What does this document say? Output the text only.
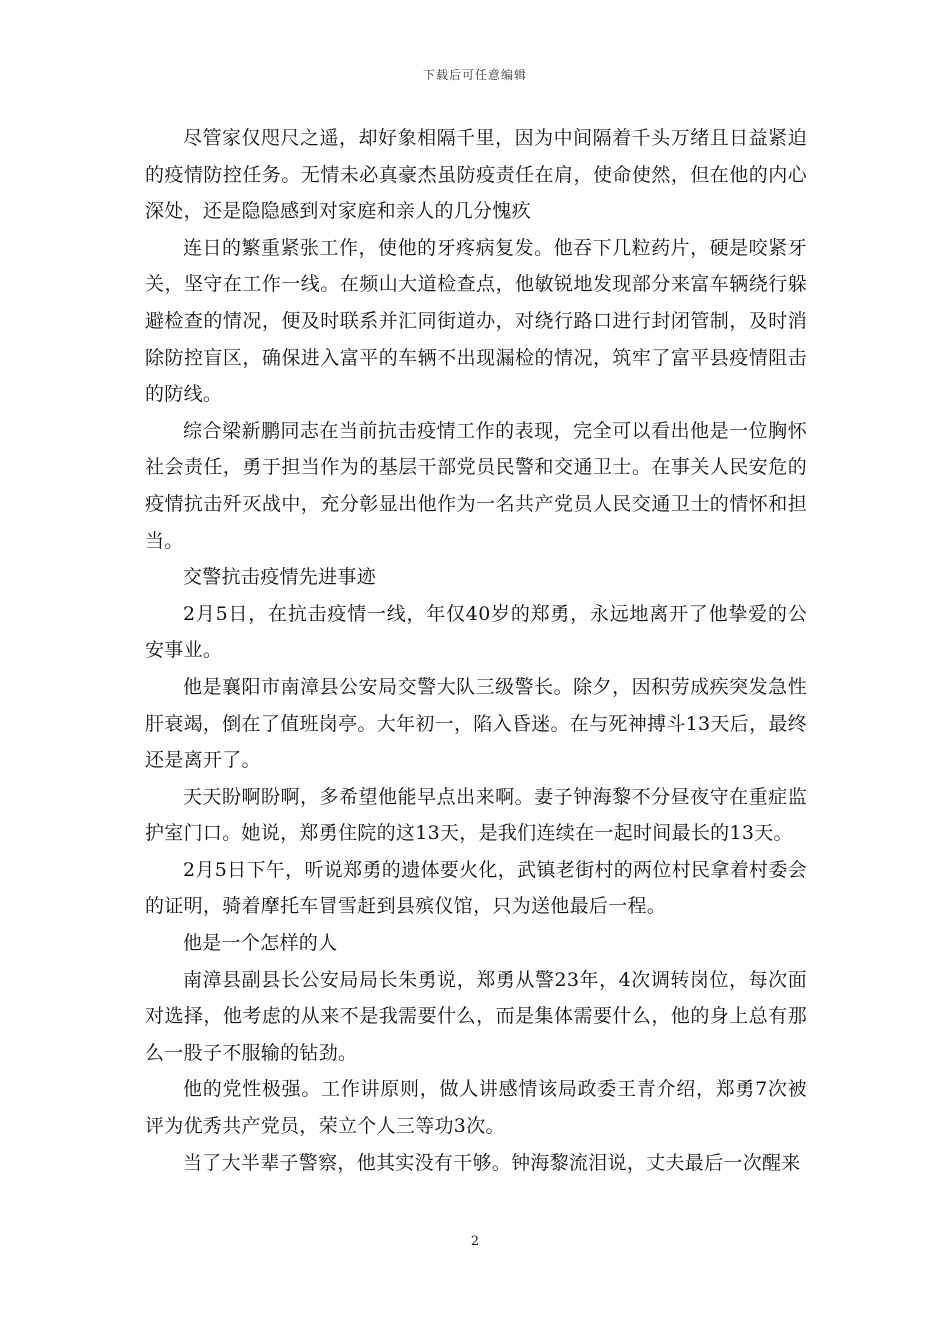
下载后可任意编辑

尽管家仅咫尺之遥，却好象相隔千里，因为中间隔着千头万绪且日益紧迫的疫情防控任务。无情未必真豪杰虽防疫责任在肩，使命使然，但在他的内心深处，还是隐隐感到对家庭和亲人的几分愧疚

连日的繁重紧张工作，使他的牙疼病复发。他吞下几粒药片，硬是咬紧牙关，坚守在工作一线。在频山大道检查点，他敏锐地发现部分来富车辆绕行躲避检查的情况，便及时联系并汇同街道办，对绕行路口进行封闭管制，及时消除防控盲区，确保进入富平的车辆不出现漏检的情况，筑牢了富平县疫情阻击的防线。

综合梁新鹏同志在当前抗击疫情工作的表现，完全可以看出他是一位胸怀社会责任，勇于担当作为的基层干部党员民警和交通卫士。在事关人民安危的疫情抗击歼灭战中，充分彰显出他作为一名共产党员人民交通卫士的情怀和担当。

交警抗击疫情先进事迹

2月5日，在抗击疫情一线，年仅40岁的郑勇，永远地离开了他挚爱的公安事业。

他是襄阳市南漳县公安局交警大队三级警长。除夕，因积劳成疾突发急性肝衰竭，倒在了值班岗亭。大年初一，陷入昏迷。在与死神搏斗13天后，最终还是离开了。

天天盼啊盼啊，多希望他能早点出来啊。妻子钟海黎不分昼夜守在重症监护室门口。她说，郑勇住院的这13天，是我们连续在一起时间最长的13天。

2月5日下午，听说郑勇的遗体要火化，武镇老街村的两位村民拿着村委会的证明，骑着摩托车冒雪赶到县殡仪馆，只为送他最后一程。

他是一个怎样的人

南漳县副县长公安局局长朱勇说，郑勇从警23年，4次调转岗位，每次面对选择，他考虑的从来不是我需要什么，而是集体需要什么，他的身上总有那么一股子不服输的钻劲。

他的党性极强。工作讲原则，做人讲感情该局政委王青介绍，郑勇7次被评为优秀共产党员，荣立个人三等功3次。

当了大半辈子警察，他其实没有干够。钟海黎流泪说，丈夫最后一次醒来

2
